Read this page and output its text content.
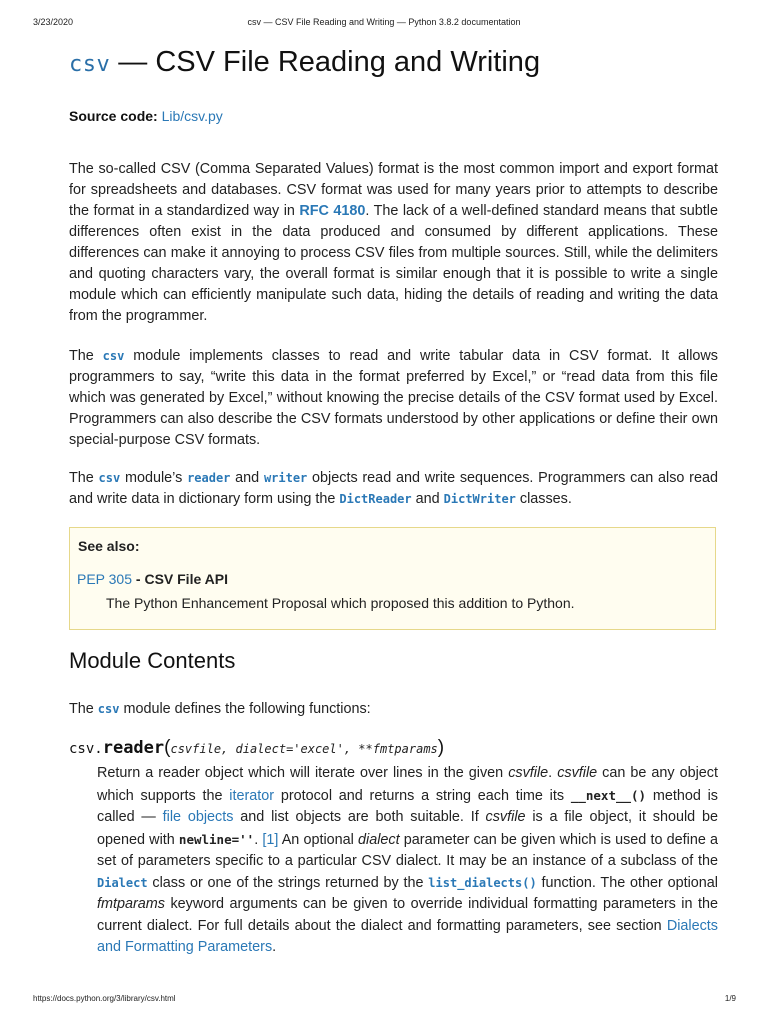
3/23/2020	csv — CSV File Reading and Writing — Python 3.8.2 documentation
csv — CSV File Reading and Writing
Source code: Lib/csv.py

The so-called CSV (Comma Separated Values) format is the most common import and export format for spreadsheets and databases. CSV format was used for many years prior to attempts to describe the format in a standardized way in RFC 4180. The lack of a well-defined standard means that subtle differences often exist in the data produced and consumed by different applications. These differences can make it annoying to process CSV files from multiple sources. Still, while the delimiters and quoting characters vary, the overall format is similar enough that it is possible to write a single module which can efficiently manipulate such data, hiding the details of reading and writing the data from the programmer.

The csv module implements classes to read and write tabular data in CSV format. It allows programmers to say, “write this data in the format preferred by Excel,” or “read data from this file which was generated by Excel,” without knowing the precise details of the CSV format used by Excel. Programmers can also describe the CSV formats understood by other applications or define their own special-purpose CSV formats.

The csv module’s reader and writer objects read and write sequences. Programmers can also read and write data in dictionary form using the DictReader and DictWriter classes.

See also:
PEP 305 - CSV File API
The Python Enhancement Proposal which proposed this addition to Python.
Module Contents

The csv module defines the following functions:

csv.reader(csvfile, dialect='excel', **fmtparams)

Return a reader object which will iterate over lines in the given csvfile. csvfile can be any object which supports the iterator protocol and returns a string each time its __next__() method is called — file objects and list objects are both suitable. If csvfile is a file object, it should be opened with newline=''. [1] An optional dialect parameter can be given which is used to define a set of parameters specific to a particular CSV dialect. It may be an instance of a subclass of the Dialect class or one of the strings returned by the list_dialects() function. The other optional fmtparams keyword arguments can be given to override individual formatting parameters in the current dialect. For full details about the dialect and formatting parameters, see section Dialects and Formatting Parameters.

https://docs.python.org/3/library/csv.html	1/9
